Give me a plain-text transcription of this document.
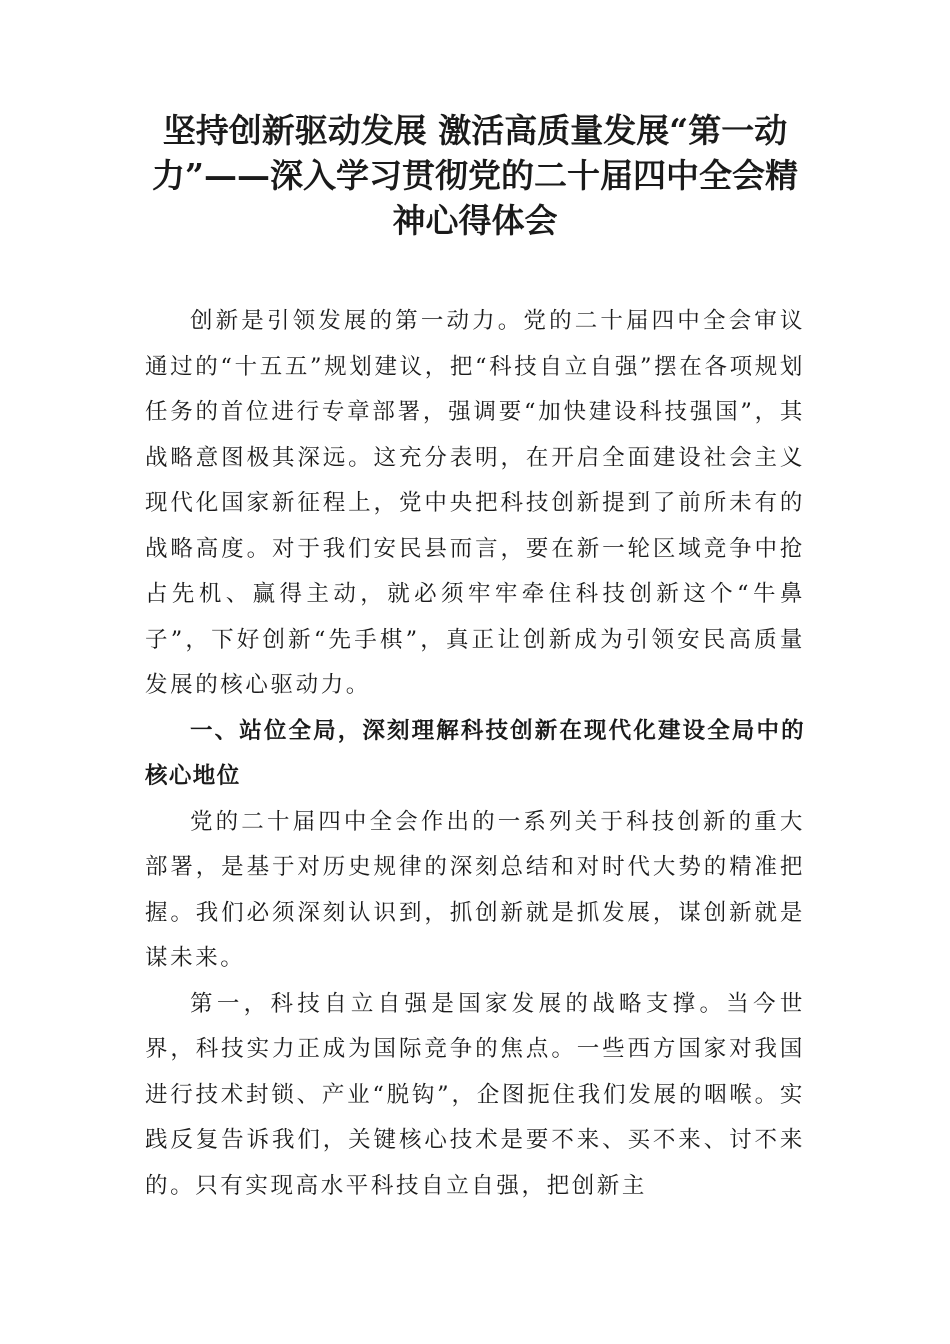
坚持创新驱动发展 激活高质量发展“第一动力”——深入学习贯彻党的二十届四中全会精神心得体会

创新是引领发展的第一动力。党的二十届四中全会审议通过的“十五五”规划建议，把“科技自立自强”摆在各项规划任务的首位进行专章部署，强调要“加快建设科技强国”，其战略意图极其深远。这充分表明，在开启全面建设社会主义现代化国家新征程上，党中央把科技创新提到了前所未有的战略高度。对于我们安民县而言，要在新一轮区域竞争中抢占先机、赢得主动，就必须牢牢牵住科技创新这个“牛鼻子”，下好创新“先手棋”，真正让创新成为引领安民高质量发展的核心驱动力。

一、站位全局，深刻理解科技创新在现代化建设全局中的核心地位

党的二十届四中全会作出的一系列关于科技创新的重大部署，是基于对历史规律的深刻总结和对时代大势的精准把握。我们必须深刻认识到，抓创新就是抓发展，谋创新就是谋未来。

第一，科技自立自强是国家发展的战略支撑。当今世界，科技实力正成为国际竞争的焦点。一些西方国家对我国进行技术封锁、产业“脱钩”，企图扼住我们发展的咽喉。实践反复告诉我们，关键核心技术是要不来、买不来、讨不来的。只有实现高水平科技自立自强，把创新主
